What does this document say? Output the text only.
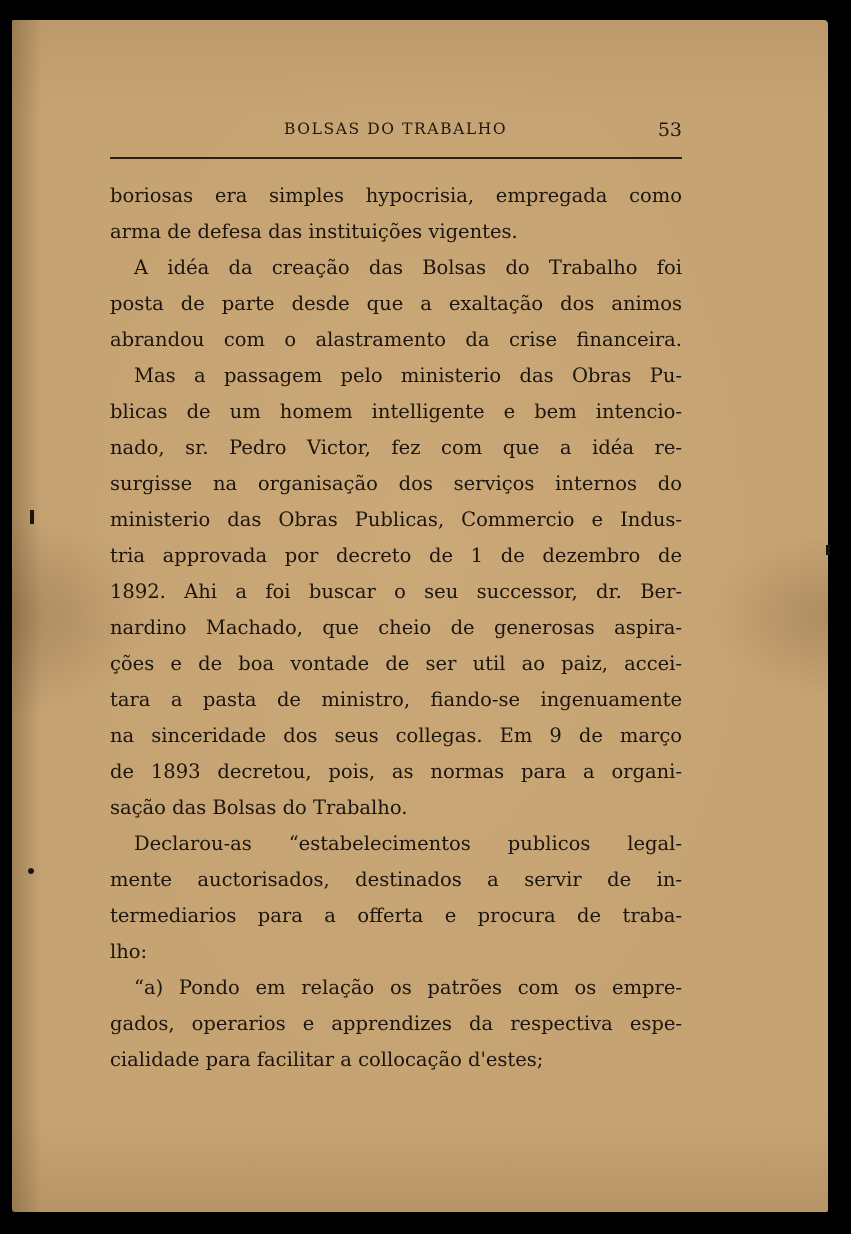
BOLSAS DO TRABALHO	53
boriosas era simples hypocrisia, empregada como
arma de defesa das instituições vigentes.
A idéa da creação das Bolsas do Trabalho foi
posta de parte desde que a exaltação dos animos
abrandou com o alastramento da crise financeira.
Mas a passagem pelo ministerio das Obras Pu-
blicas de um homem intelligente e bem intencio-
nado, sr. Pedro Victor, fez com que a idéa re-
surgisse na organisação dos serviços internos do
ministerio das Obras Publicas, Commercio e Indus-
tria approvada por decreto de 1 de dezembro de
1892. Ahi a foi buscar o seu successor, dr. Ber-
nardino Machado, que cheio de generosas aspira-
ções e de boa vontade de ser util ao paiz, accei-
tara a pasta de ministro, fiando-se ingenuamente
na sinceridade dos seus collegas. Em 9 de março
de 1893 decretou, pois, as normas para a organi-
sação das Bolsas do Trabalho.
Declarou-as “estabelecimentos publicos legal-
mente auctorisados, destinados a servir de in-
termediarios para a offerta e procura de traba-
lho:
“a) Pondo em relação os patrões com os empre-
gados, operarios e apprendizes da respectiva espe-
cialidade para facilitar a collocação d'estes;
